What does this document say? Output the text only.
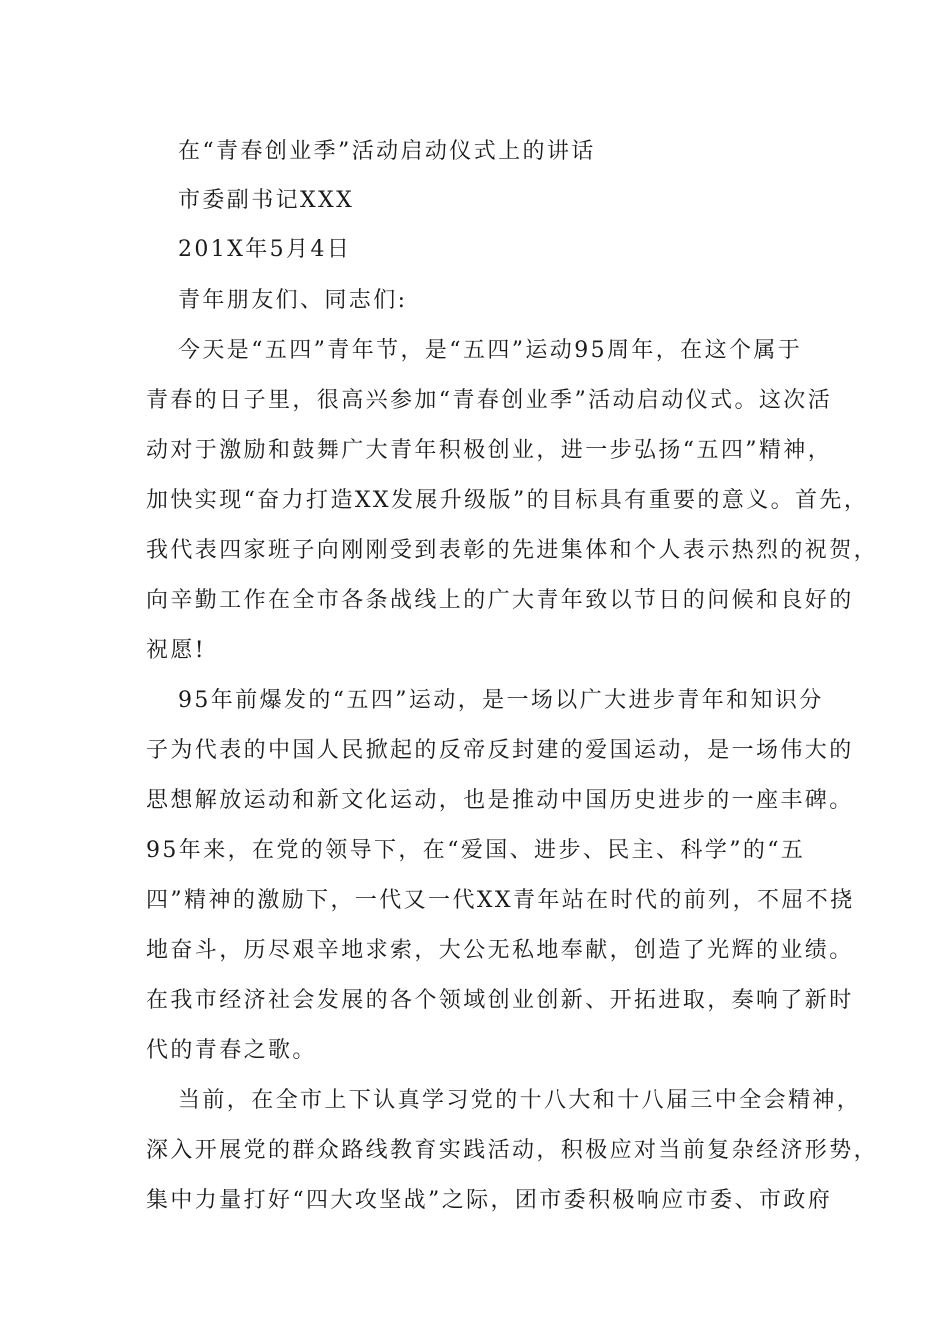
在“青春创业季”活动启动仪式上的讲话
市委副书记XXX
201X年5月4日
青年朋友们、同志们:
今天是“五四”青年节，是“五四”运动95周年，在这个属于
青春的日子里，很高兴参加“青春创业季”活动启动仪式。这次活
动对于激励和鼓舞广大青年积极创业，进一步弘扬“五四”精神，
加快实现“奋力打造XX发展升级版”的目标具有重要的意义。首先，
我代表四家班子向刚刚受到表彰的先进集体和个人表示热烈的祝贺，
向辛勤工作在全市各条战线上的广大青年致以节日的问候和良好的
祝愿!
95年前爆发的“五四”运动，是一场以广大进步青年和知识分
子为代表的中国人民掀起的反帝反封建的爱国运动，是一场伟大的
思想解放运动和新文化运动，也是推动中国历史进步的一座丰碑。
95年来，在党的领导下，在“爱国、进步、民主、科学”的“五
四”精神的激励下，一代又一代XX青年站在时代的前列，不屈不挠
地奋斗，历尽艰辛地求索，大公无私地奉献，创造了光辉的业绩。
在我市经济社会发展的各个领域创业创新、开拓进取，奏响了新时
代的青春之歌。
当前，在全市上下认真学习党的十八大和十八届三中全会精神，
深入开展党的群众路线教育实践活动，积极应对当前复杂经济形势，
集中力量打好“四大攻坚战”之际，团市委积极响应市委、市政府
